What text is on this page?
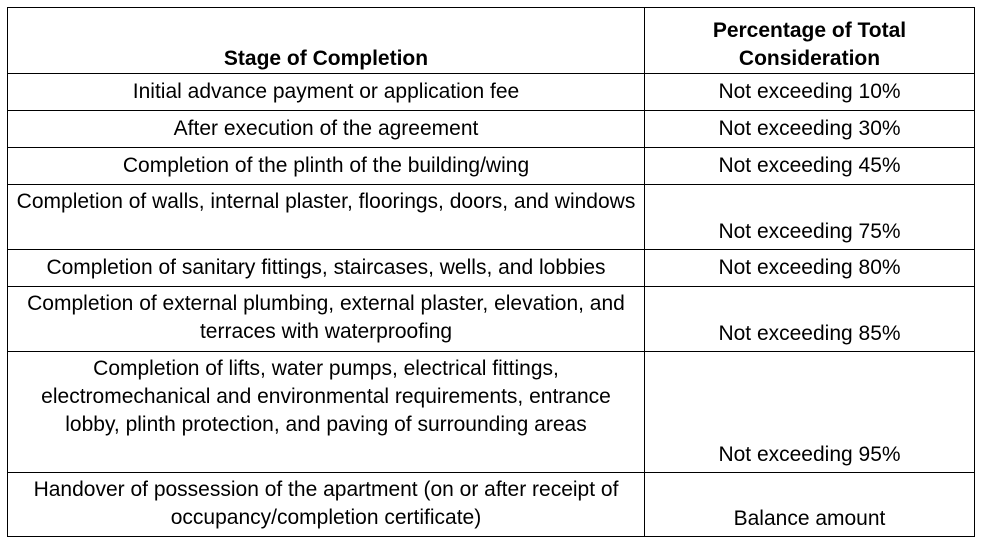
Stage of Completion	Percentage of Total Consideration
Initial advance payment or application fee	Not exceeding 10%
After execution of the agreement	Not exceeding 30%
Completion of the plinth of the building/wing	Not exceeding 45%
Completion of walls, internal plaster, floorings, doors, and windows	Not exceeding 75%
Completion of sanitary fittings, staircases, wells, and lobbies	Not exceeding 80%
Completion of external plumbing, external plaster, elevation, and terraces with waterproofing	Not exceeding 85%
Completion of lifts, water pumps, electrical fittings, electromechanical and environmental requirements, entrance lobby, plinth protection, and paving of surrounding areas	Not exceeding 95%
Handover of possession of the apartment (on or after receipt of occupancy/completion certificate)	Balance amount
